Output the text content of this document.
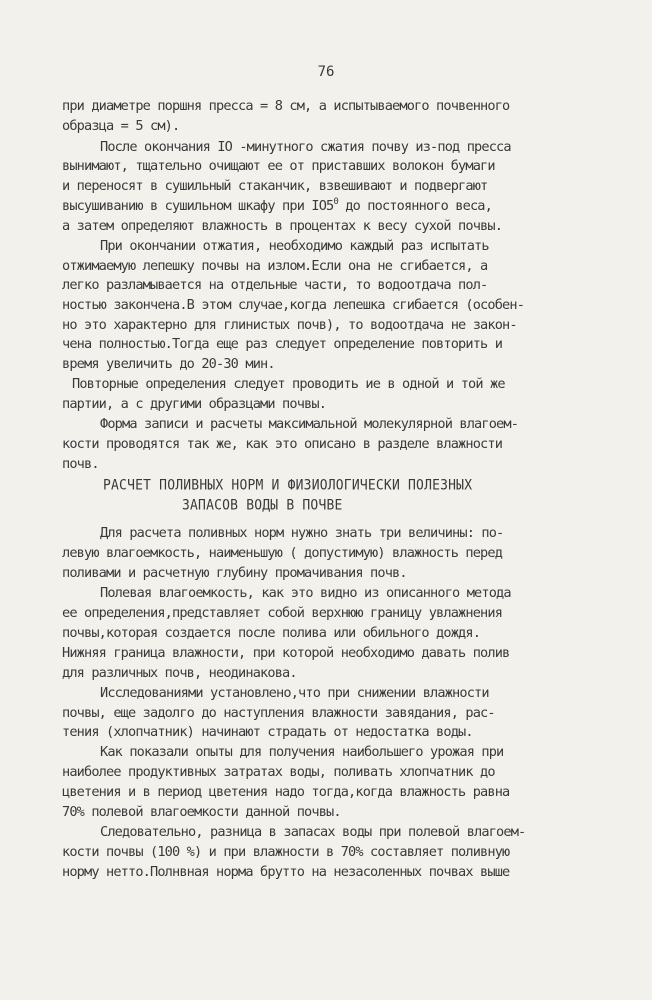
76
при диаметре поршня пресса = 8 см, а испытываемого почвенного
образца = 5 см).
После окончания IO -минутного сжатия почву из-под пресса
вынимают, тщательно очищают ее от приставших волокон бумаги
и переносят в сушильный стаканчик, взвешивают и подвергают
высушиванию в сушильном шкафу при $IO5^0$ до постоянного веса,
а затем определяют влажность в процентах к весу сухой почвы.
При окончании отжатия, необходимо каждый раз испытать
отжимаемую лепешку почвы на излом.Если она не сгибается, а
легко разламывается на отдельные части, то водоотдача пол-
ностью закончена.В этом случае,когда лепешка сгибается (особен-
но это характерно для глинистых почв), то водоотдача не закон-
чена полностью.Тогда еще раз следует определение повторить и
время увеличить до 20-30 мин.
Повторные определения следует проводить ие в одной и той же
партии, а с другими образцами почвы.
Форма записи и расчеты максимальной молекулярной влагоем-
кости проводятся так же, как это описано в разделе влажности
почв.
РАСЧЕТ ПОЛИВНЫХ НОРМ И ФИЗИОЛОГИЧЕСКИ ПОЛЕЗНЫХ
ЗАПАСОВ ВОДЫ В ПОЧВЕ
Для расчета поливных норм нужно знать три величины: по-
левую влагоемкость, наименьшую ( допустимую) влажность перед
поливами и расчетную глубину промачивания почв.
Полевая влагоемкость, как это видно из описанного метода
ее определения,представляет собой верхнюю границу увлажнения
почвы,которая создается после полива или обильного дождя.
Нижняя граница влажности, при которой необходимо давать полив
для различных почв, неодинакова.
Исследованиями установлено,что при снижении влажности
почвы, еще задолго до наступления влажности завядания, рас-
тения (хлопчатник) начинают страдать от недостатка воды.
Как показали опыты для получения наибольшего урожая при
наиболее продуктивных затратах воды, поливать хлопчатник до
цветения и в период цветения надо тогда,когда влажность равна
70% полевой влагоемкости данной почвы.
Следовательно, разница в запасах воды при полевой влагоем-
кости почвы (100 %) и при влажности в 70% составляет поливную
норму нетто.Полнвная норма брутто на незасоленных почвах выше
